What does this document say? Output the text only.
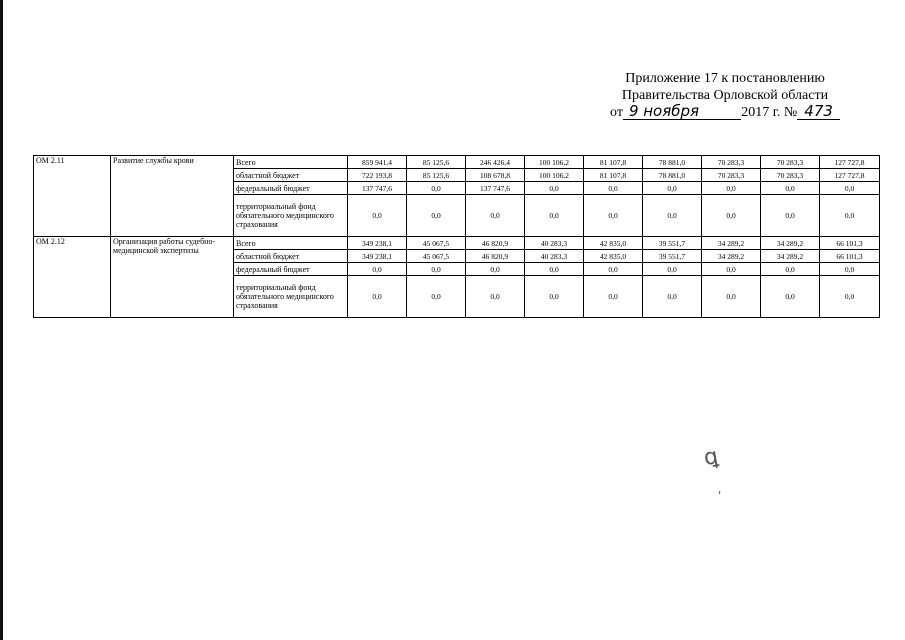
Приложение 17 к постановлению
Правительства Орловской области
от 9 ноября	2017 г. № 473
ОМ 2.11	Развитие службы крови	Всего	859 941,4	85 125,6	246 426,4	100 106,2	81 107,8	78 881,0	70 283,3	70 283,3	127 727,8
		областной бюджет	722 193,8	85 125,6	108 678,8	100 106,2	81 107,8	78 881,0	70 283,3	70 283,3	127 727,8
		федеральный бюджет	137 747,6	0,0	137 747,6	0,0	0,0	0,0	0,0	0,0	0,0
		территориальный фонд обязательного медицинского страхования	0,0	0,0	0,0	0,0	0,0	0,0	0,0	0,0	0,0
ОМ 2.12	Организация работы судебно-медицинской экспертизы	Всего	349 238,1	45 067,5	46 820,9	40 283,3	42 835,0	39 551,7	34 289,2	34 289,2	66 101,3
		областной бюджет	349 238,1	45 067,5	46 820,9	40 283,3	42 835,0	39 551,7	34 289,2	34 289,2	66 101,3
		федеральный бюджет	0,0	0,0	0,0	0,0	0,0	0,0	0,0	0,0	0,0
		территориальный фонд обязательного медицинского страхования	0,0	0,0	0,0	0,0	0,0	0,0	0,0	0,0	0,0
ꝗ
ʹ
